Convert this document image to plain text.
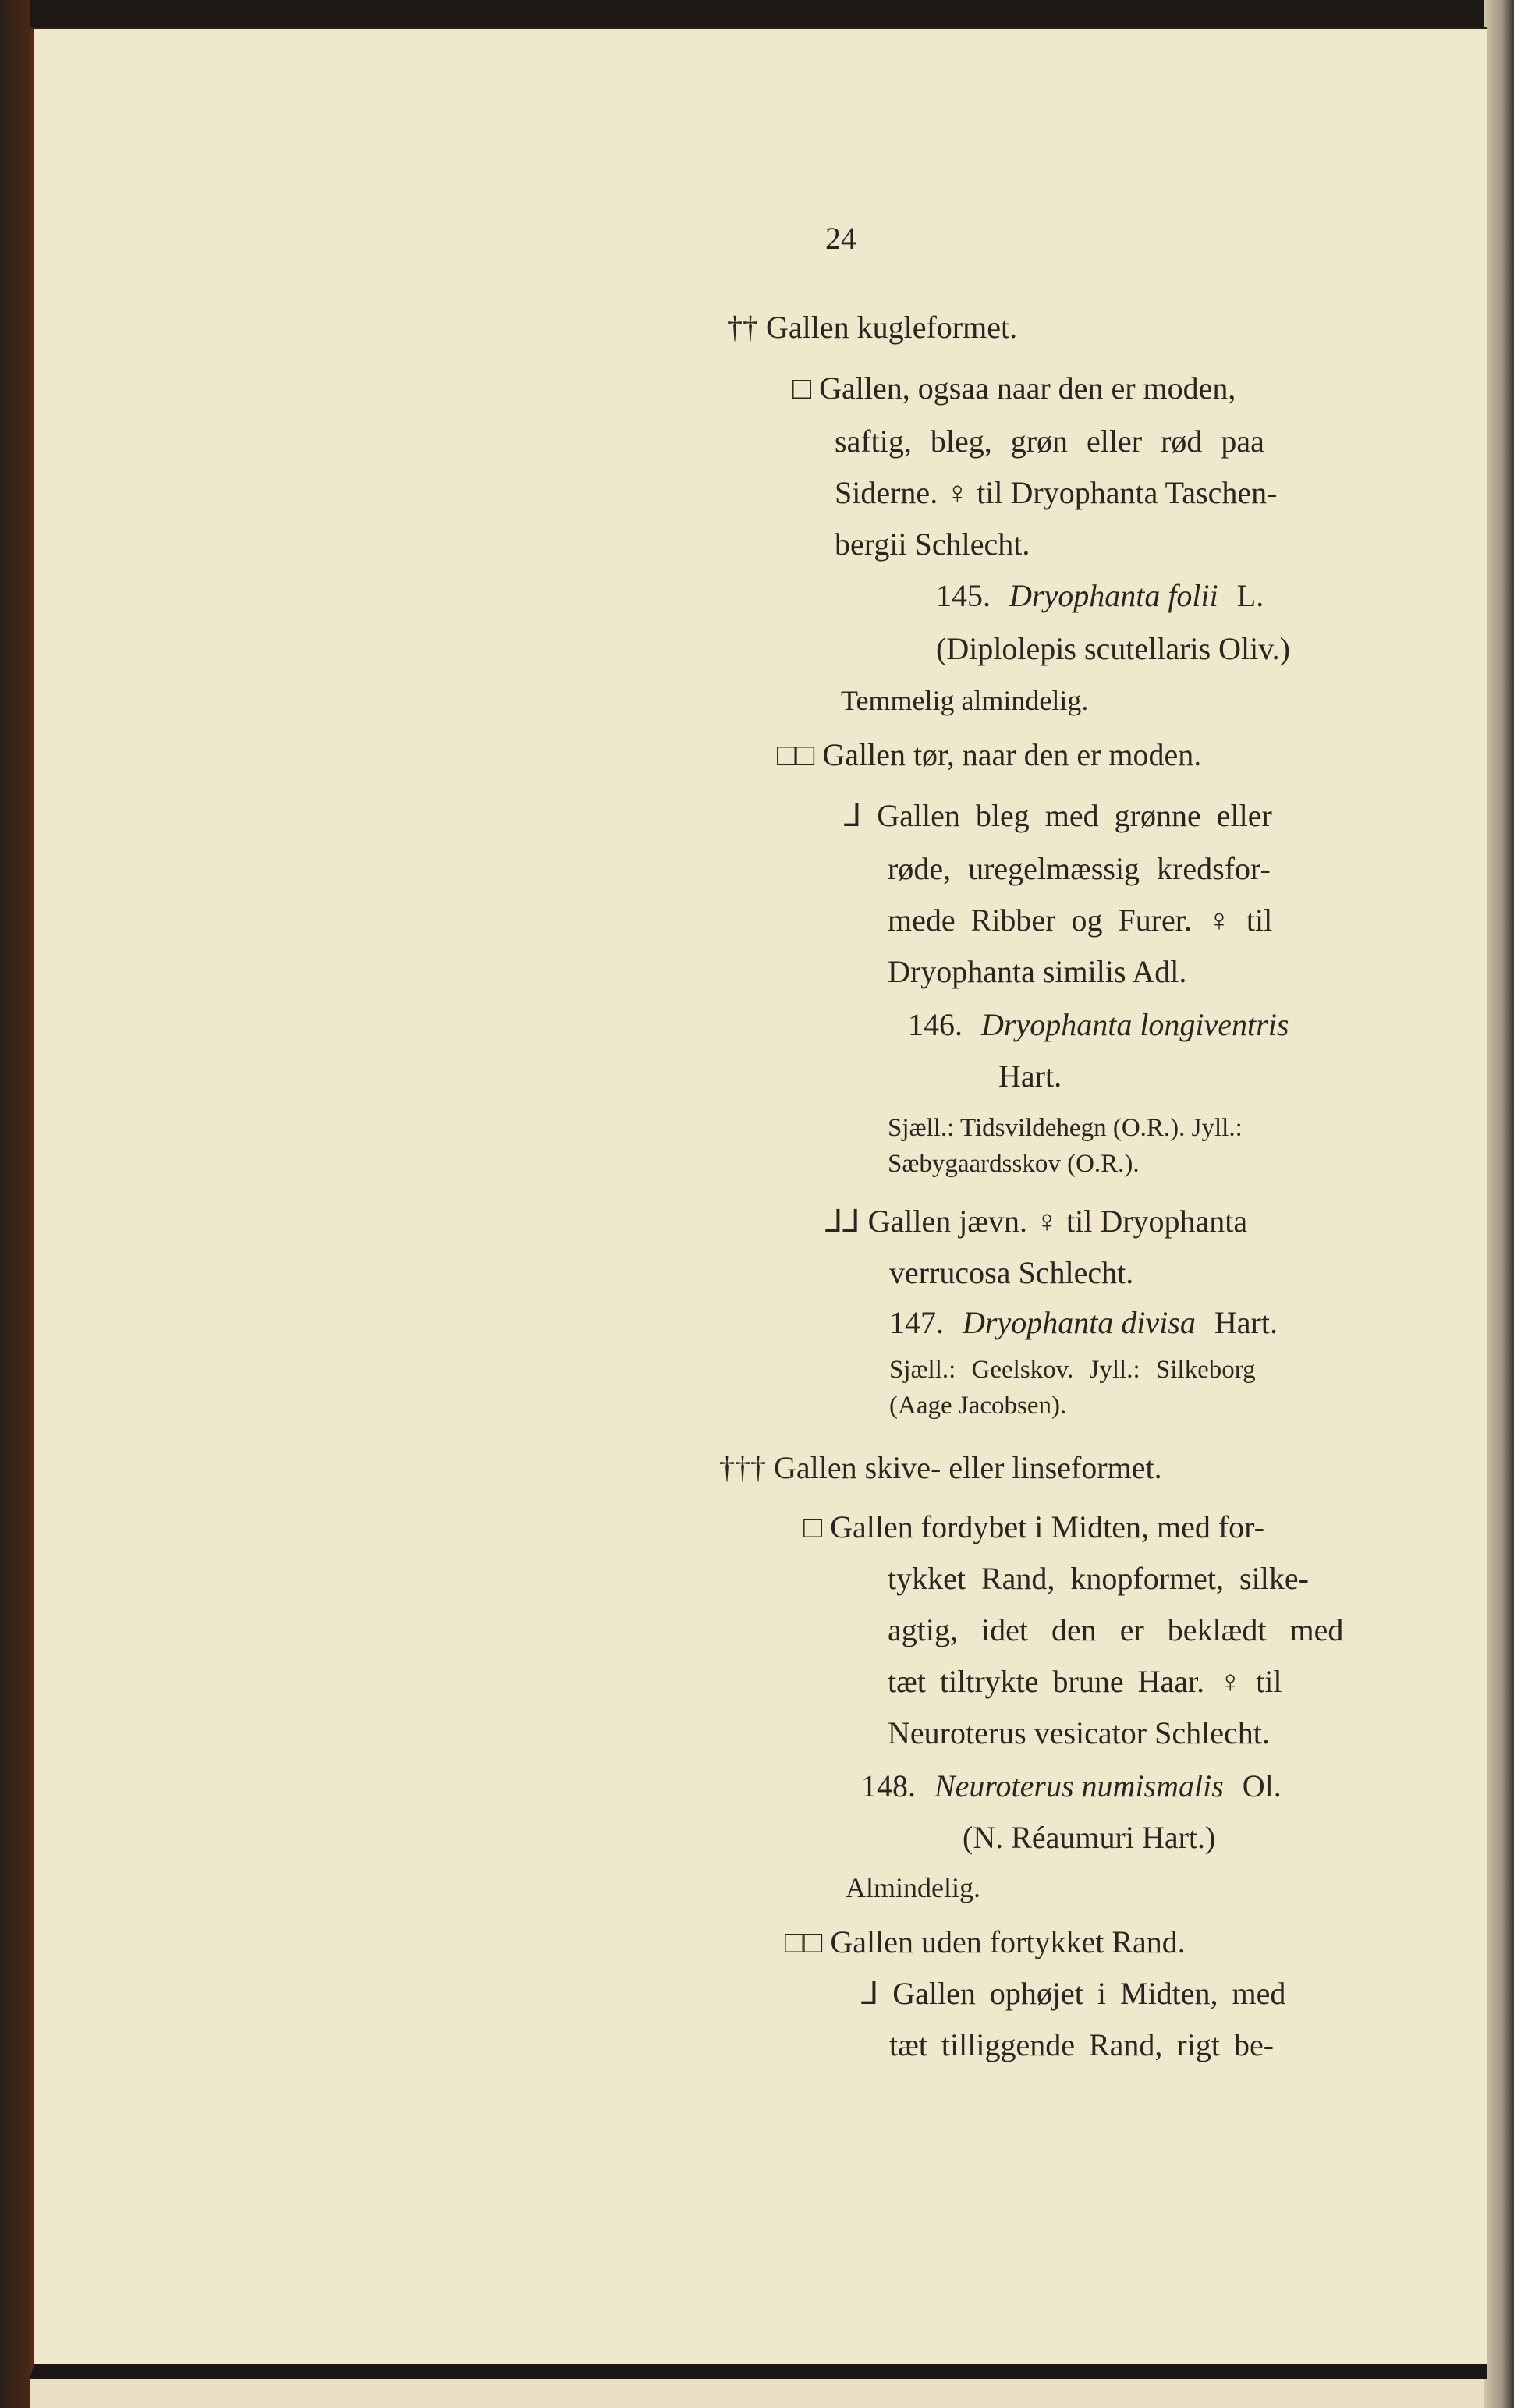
24
†† Gallen kugleformet.
□ Gallen, ogsaa naar den er moden,
saftig, bleg, grøn eller rød paa
Siderne. ♀ til Dryophanta Taschen-
bergii Schlecht.
145. Dryophanta folii L.
(Diplolepis scutellaris Oliv.)
Temmelig almindelig.
□□ Gallen tør, naar den er moden.
⅃ Gallen bleg med grønne eller
røde, uregelmæssig kredsfor-
mede Ribber og Furer. ♀ til
Dryophanta similis Adl.
146. Dryophanta longiventris
Hart.
Sjæll.: Tidsvildehegn (O.R.). Jyll.:
Sæbygaardsskov (O.R.).
⅃⅃ Gallen jævn. ♀ til Dryophanta
verrucosa Schlecht.
147. Dryophanta divisa Hart.
Sjæll.: Geelskov. Jyll.: Silkeborg
(Aage Jacobsen).
††† Gallen skive- eller linseformet.
□ Gallen fordybet i Midten, med for-
tykket Rand, knopformet, silke-
agtig, idet den er beklædt med
tæt tiltrykte brune Haar. ♀ til
Neuroterus vesicator Schlecht.
148. Neuroterus numismalis Ol.
(N. Réaumuri Hart.)
Almindelig.
□□ Gallen uden fortykket Rand.
⅃ Gallen ophøjet i Midten, med
tæt tilliggende Rand, rigt be-
